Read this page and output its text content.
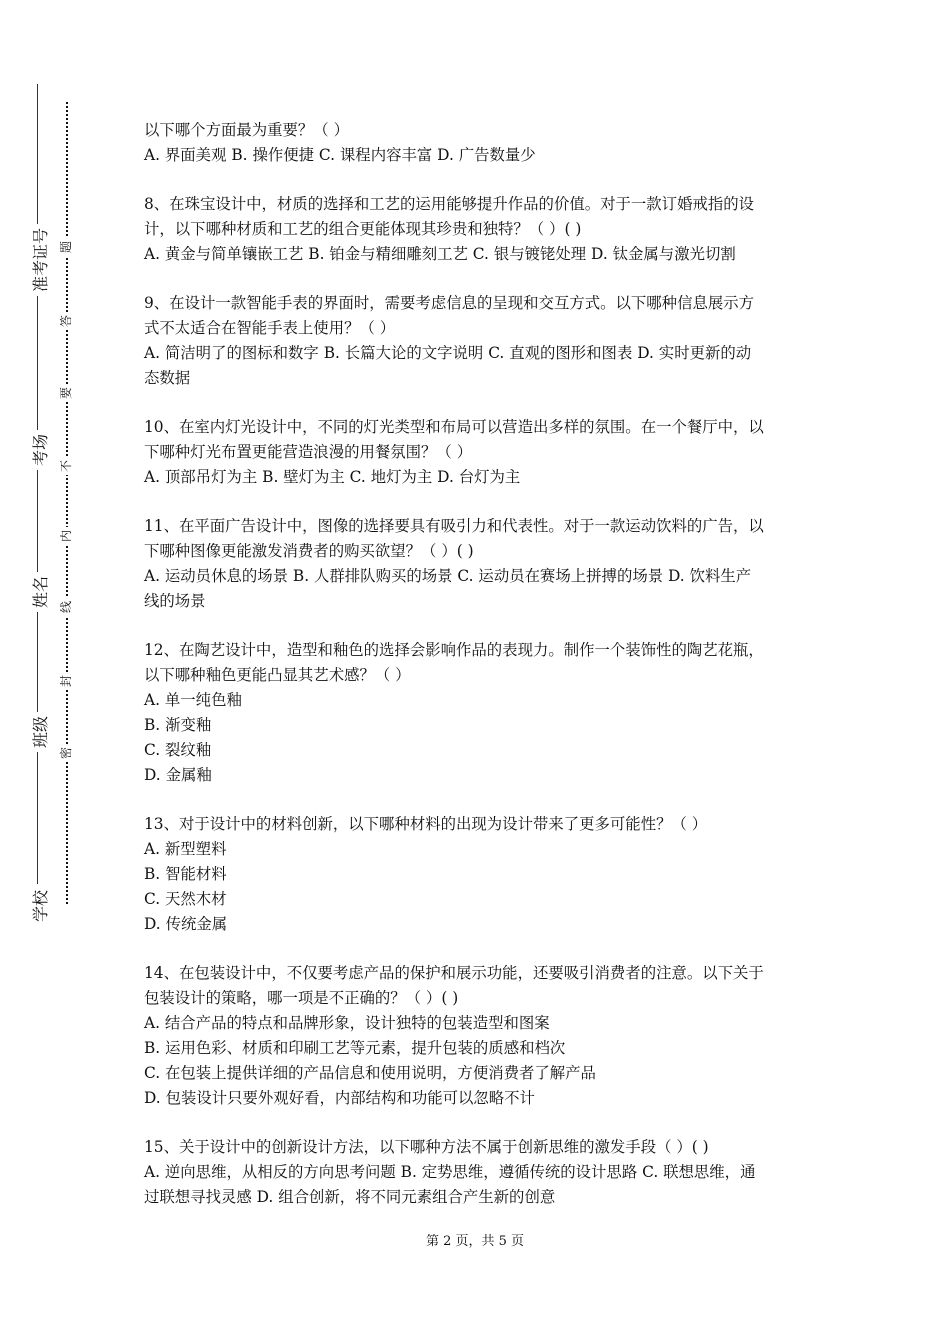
准考证号
考场
姓名
班级
学校
题
答
要
不
内
线
封
密
以下哪个方面最为重要？（ ）
A. 界面美观 B. 操作便捷 C. 课程内容丰富 D. 广告数量少
8、在珠宝设计中，材质的选择和工艺的运用能够提升作品的价值。对于一款订婚戒指的设
计，以下哪种材质和工艺的组合更能体现其珍贵和独特？（ ）( )
A. 黄金与简单镶嵌工艺 B. 铂金与精细雕刻工艺 C. 银与镀铑处理 D. 钛金属与激光切割
9、在设计一款智能手表的界面时，需要考虑信息的呈现和交互方式。以下哪种信息展示方
式不太适合在智能手表上使用？（ ）
A. 简洁明了的图标和数字 B. 长篇大论的文字说明 C. 直观的图形和图表 D. 实时更新的动
态数据
10、在室内灯光设计中，不同的灯光类型和布局可以营造出多样的氛围。在一个餐厅中，以
下哪种灯光布置更能营造浪漫的用餐氛围？（ ）
A. 顶部吊灯为主 B. 壁灯为主 C. 地灯为主 D. 台灯为主
11、在平面广告设计中，图像的选择要具有吸引力和代表性。对于一款运动饮料的广告，以
下哪种图像更能激发消费者的购买欲望？（ ）( )
A. 运动员休息的场景 B. 人群排队购买的场景 C. 运动员在赛场上拼搏的场景 D. 饮料生产
线的场景
12、在陶艺设计中，造型和釉色的选择会影响作品的表现力。制作一个装饰性的陶艺花瓶，
以下哪种釉色更能凸显其艺术感？（ ）
A. 单一纯色釉
B. 渐变釉
C. 裂纹釉
D. 金属釉
13、对于设计中的材料创新，以下哪种材料的出现为设计带来了更多可能性？（ ）
A. 新型塑料
B. 智能材料
C. 天然木材
D. 传统金属
14、在包装设计中，不仅要考虑产品的保护和展示功能，还要吸引消费者的注意。以下关于
包装设计的策略，哪一项是不正确的？（ ）( )
A. 结合产品的特点和品牌形象，设计独特的包装造型和图案
B. 运用色彩、材质和印刷工艺等元素，提升包装的质感和档次
C. 在包装上提供详细的产品信息和使用说明，方便消费者了解产品
D. 包装设计只要外观好看，内部结构和功能可以忽略不计
15、关于设计中的创新设计方法，以下哪种方法不属于创新思维的激发手段（ ）( )
A. 逆向思维，从相反的方向思考问题 B. 定势思维，遵循传统的设计思路 C. 联想思维，通
过联想寻找灵感 D. 组合创新，将不同元素组合产生新的创意
第 2 页，共 5 页
